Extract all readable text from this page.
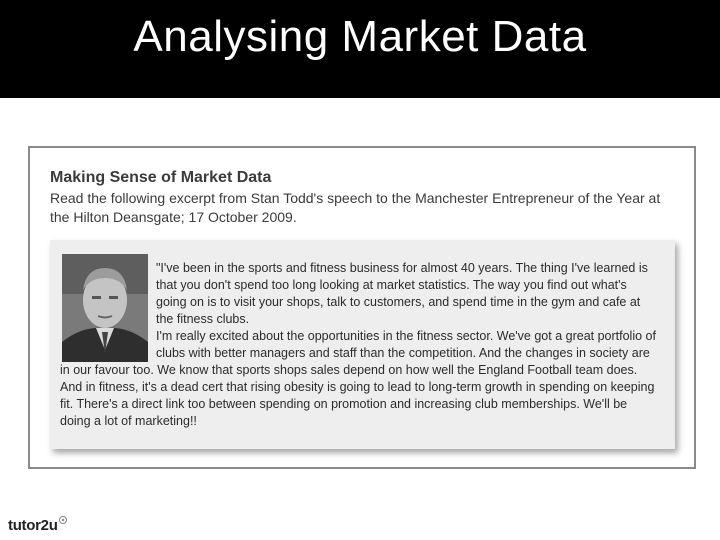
Analysing Market Data
Making Sense of Market Data
Read the following excerpt from Stan Todd's speech to the Manchester Entrepreneur of the Year at the Hilton Deansgate; 17 October 2009.

"I've been in the sports and fitness business for almost 40 years. The thing I've learned is that you don't spend too long looking at market statistics. The way you find out what's going on is to visit your shops, talk to customers, and spend time in the gym and cafe at the fitness clubs.

I'm really excited about the opportunities in the fitness sector. We've got a great portfolio of clubs with better managers and staff than the competition. And the changes in society are in our favour too. We know that sports shops sales depend on how well the England Football team does. And in fitness, it's a dead cert that rising obesity is going to lead to long-term growth in spending on keeping fit. There's a direct link too between spending on promotion and increasing club memberships. We'll be doing a lot of marketing!!

tutor2u
